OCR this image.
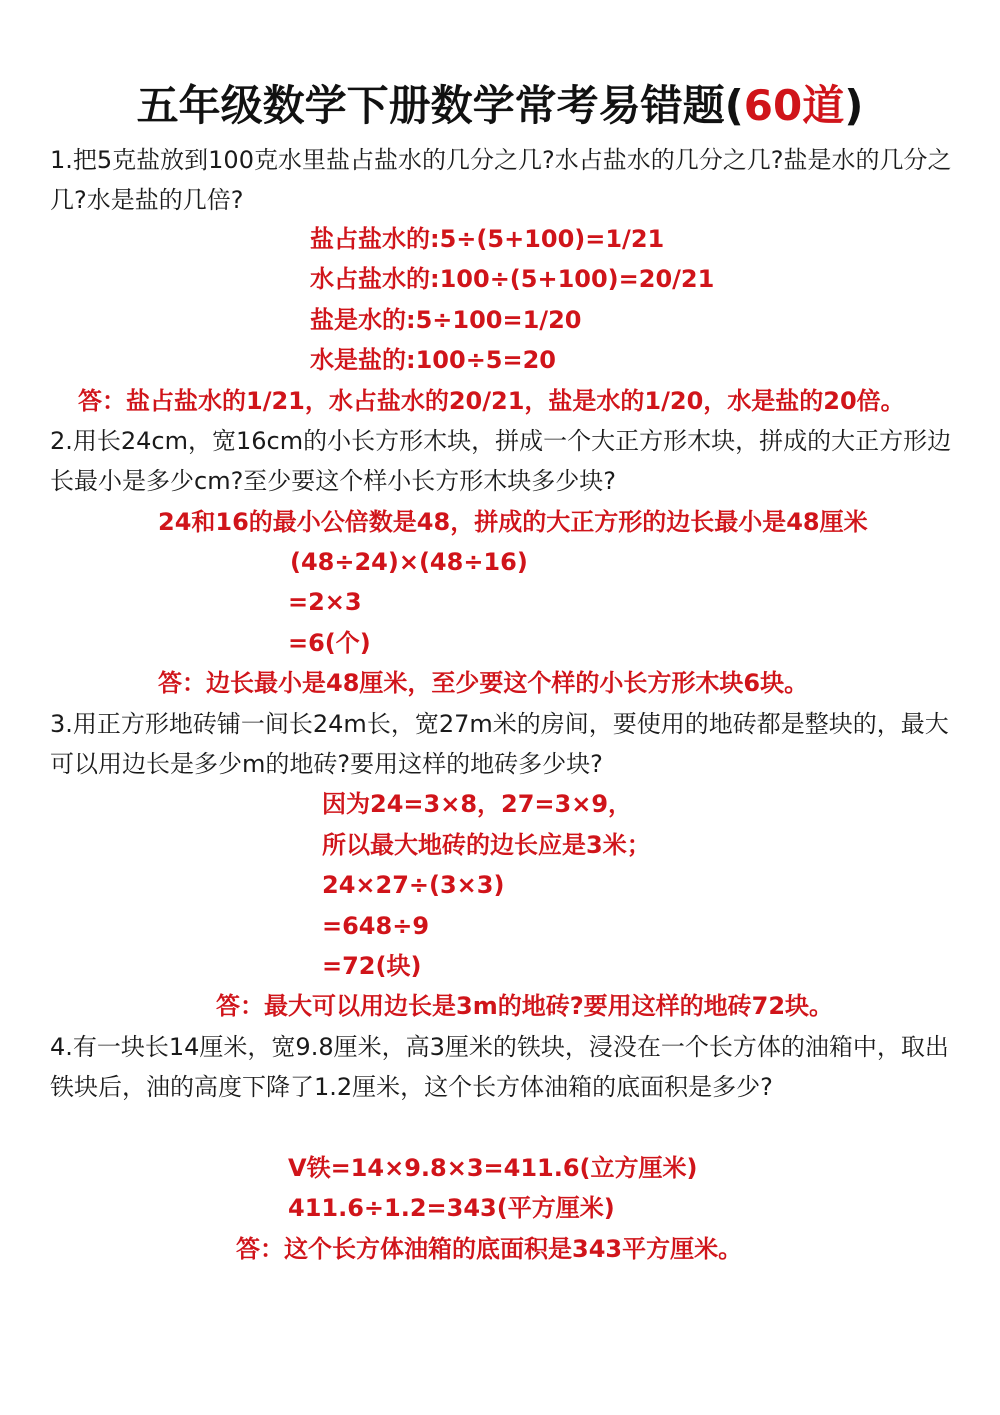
五年级数学下册数学常考易错题(60道)
1.把5克盐放到100克水里盐占盐水的几分之几?水占盐水的几分之几?盐是水的几分之几?水是盐的几倍?
盐占盐水的:5÷(5+100)=1/21
水占盐水的:100÷(5+100)=20/21
盐是水的:5÷100=1/20
水是盐的:100÷5=20
答：盐占盐水的1/21，水占盐水的20/21，盐是水的1/20，水是盐的20倍。
2.用长24cm，宽16cm的小长方形木块，拼成一个大正方形木块，拼成的大正方形边长最小是多少cm?至少要这个样小长方形木块多少块?
24和16的最小公倍数是48，拼成的大正方形的边长最小是48厘米
(48÷24)×(48÷16)
=2×3
=6(个)
答：边长最小是48厘米，至少要这个样的小长方形木块6块。
3.用正方形地砖铺一间长24m长，宽27m米的房间，要使用的地砖都是整块的，最大可以用边长是多少m的地砖?要用这样的地砖多少块?
因为24=3×8，27=3×9，
所以最大地砖的边长应是3米；
24×27÷(3×3)
=648÷9
=72(块)
答：最大可以用边长是3m的地砖?要用这样的地砖72块。
4.有一块长14厘米，宽9.8厘米，高3厘米的铁块，浸没在一个长方体的油箱中，取出铁块后，油的高度下降了1.2厘米，这个长方体油箱的底面积是多少?
V铁=14×9.8×3=411.6(立方厘米)
411.6÷1.2=343(平方厘米)
答：这个长方体油箱的底面积是343平方厘米。
